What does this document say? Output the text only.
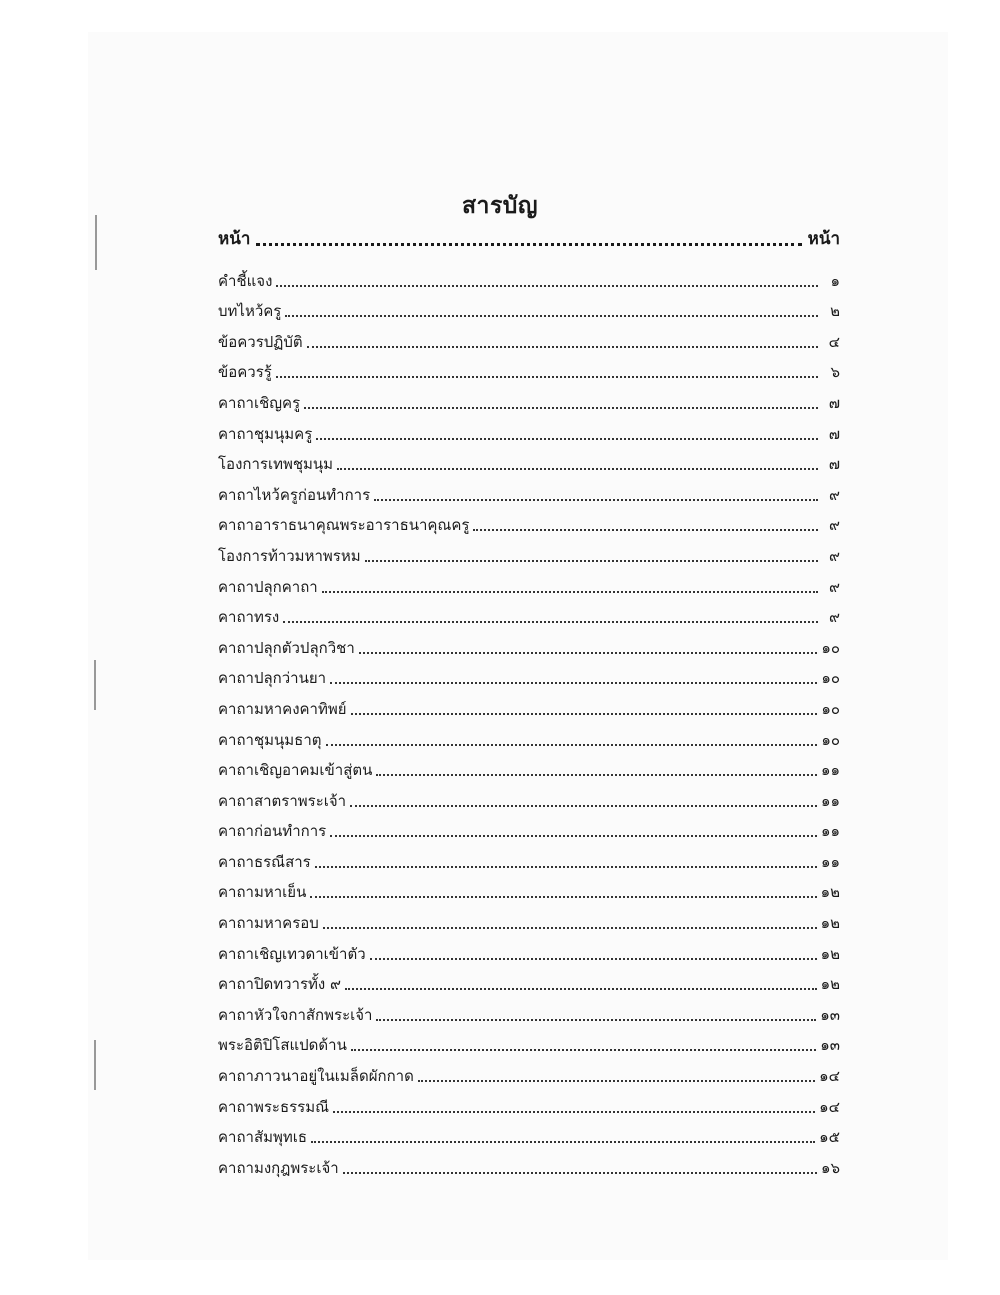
สารบัญ
หน้า	หน้า
คำชี้แจง	๑
บทไหว้ครู	๒
ข้อควรปฏิบัติ	๔
ข้อควรรู้	๖
คาถาเชิญครู	๗
คาถาชุมนุมครู	๗
โองการเทพชุมนุม	๗
คาถาไหว้ครูก่อนทำการ	๙
คาถาอาราธนาคุณพระอาราธนาคุณครู	๙
โองการท้าวมหาพรหม	๙
คาถาปลุกคาถา	๙
คาถาทรง	๙
คาถาปลุกตัวปลุกวิชา	๑๐
คาถาปลุกว่านยา	๑๐
คาถามหาคงคาทิพย์	๑๐
คาถาชุมนุมธาตุ	๑๐
คาถาเชิญอาคมเข้าสู่ตน	๑๑
คาถาสาตราพระเจ้า	๑๑
คาถาก่อนทำการ	๑๑
คาถาธรณีสาร	๑๑
คาถามหาเย็น	๑๒
คาถามหาครอบ	๑๒
คาถาเชิญเทวดาเข้าตัว	๑๒
คาถาปิดทวารทั้ง ๙	๑๒
คาถาหัวใจกาสักพระเจ้า	๑๓
พระอิติปิโสแปดด้าน	๑๓
คาถาภาวนาอยู่ในเมล็ดผักกาด	๑๔
คาถาพระธรรมณี	๑๔
คาถาสัมพุทเธ	๑๕
คาถามงกุฎพระเจ้า	๑๖
